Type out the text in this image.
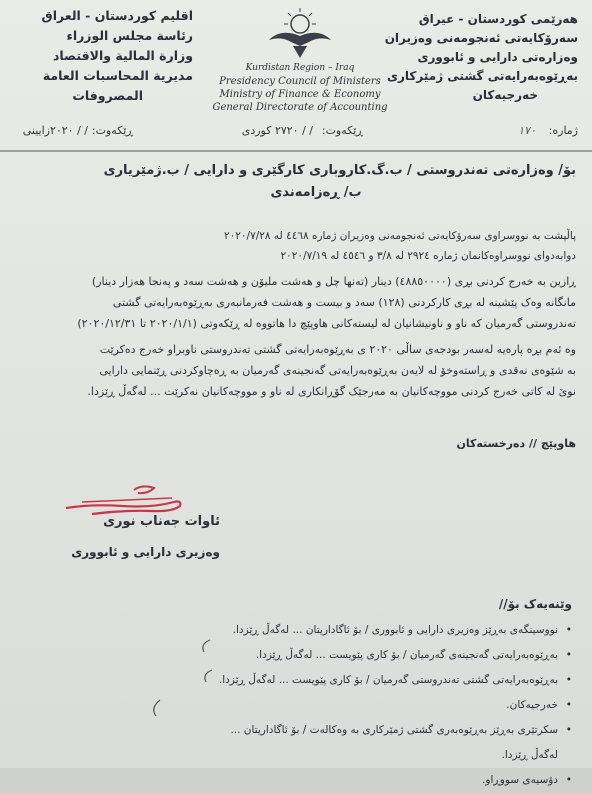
هەرێمی کوردستان - عیراق
سەرۆکایەتی ئەنجومەنی وەزیران
وەزارەتی دارایی و ئابووری
بەڕێوەبەرایەتی گشتی ژمێرکاری
خەرجیەکان
Kurdistan Region – Iraq
Presidency Council of Ministers
Ministry of Finance & Economy
General Directorate of Accounting
اقليم كوردستان - العراق
رئاسة مجلس الوزراء
وزارة المالية والاقتصاد
مديرية المحاسبات العامة
المصروفات
ژمارە:
١٧٠
ڕێکەوت:
/ / ٢٧٢٠ كوردى
ڕێکەوت:
/ / ٢٠٢٠زايينى
بۆ/ وەزارەتی تەندروستی / ب.گ.کاروباری کارگێری و دارایی / ب.ژمێریاری
ب/ ڕەزامەندی
پاڵپشت بە نووسراوی سەرۆکایەتی ئەنجومەنی وەزیران ژمارە ٤٤٦٨ لە ٢٠٢٠/٧/٢٨
دوابەدوای نووسراوەکانمان ژمارە ٢٩٢٤ لە ٣/٨ و ٤٥٤٦ لە ٢٠٢٠/٧/١٩
ڕازین بە خەرج کردنی بڕی (٤٨٨٥٠٠٠٠) دینار (تەنها چل و هەشت ملیۆن و هەشت سەد و پەنجا هەزار دینار)
مانگانە وەک پێشینە لە بڕی کارکردنی (١٢٨) سەد و بیست و هەشت فەرمانبەری بەڕێوەبەرایەتی گشتی
تەندروستی گەرمیان کە ناو و ناونیشانیان لە لیستەکانی هاوپێچ دا هاتووە لە ڕێکەوتی (٢٠٢٠/١/١ تا ٢٠٢٠/١٢/٣١)
وە ئەم بڕە پارەیە لەسەر بودجەی ساڵی ٢٠٢٠ ی بەڕێوەبەرایەتی گشتی تەندروستی ناوبراو خەرج دەکرێت
بە شێوەی نەقدی و ڕاستەوخۆ لە لایەن بەڕێوەبەرایەتی گەنجینەی گەرمیان بە ڕەچاوکردنی ڕێنمایی دارایی
نوێ لە کاتی خەرج کردنی مووچەکانیان بە مەرجێک گۆڕانکاری لە ناو و مووچەکانیان نەکرێت ... لەگەڵ ڕێزدا.
هاوپێچ // دەرخستەکان
ئاوات جەناب نوری
وەزیری دارایی و ئابووری
وێنەیەک بۆ//
• نووسینگەی بەڕێز وەزیری دارایی و ئابووری / بۆ ئاگاداریتان ... لەگەڵ ڕێزدا.
• بەڕێوەبەرایەتی گەنجینەی گەرمیان / بۆ کاری پێویست ... لەگەڵ ڕێزدا.
• بەڕێوەبەرایەتی گشتی تەندروستی گەرمیان / بۆ کاری پێویست ... لەگەڵ ڕێزدا.
• خەرجیەکان.
• سکرتێری بەڕێز بەڕێوەبەری گشتی ژمێرکاری بە وەکالەت / بۆ ئاگاداریتان ... لەگەڵ ڕێزدا.
• دۆسیەی سووڕاو.
